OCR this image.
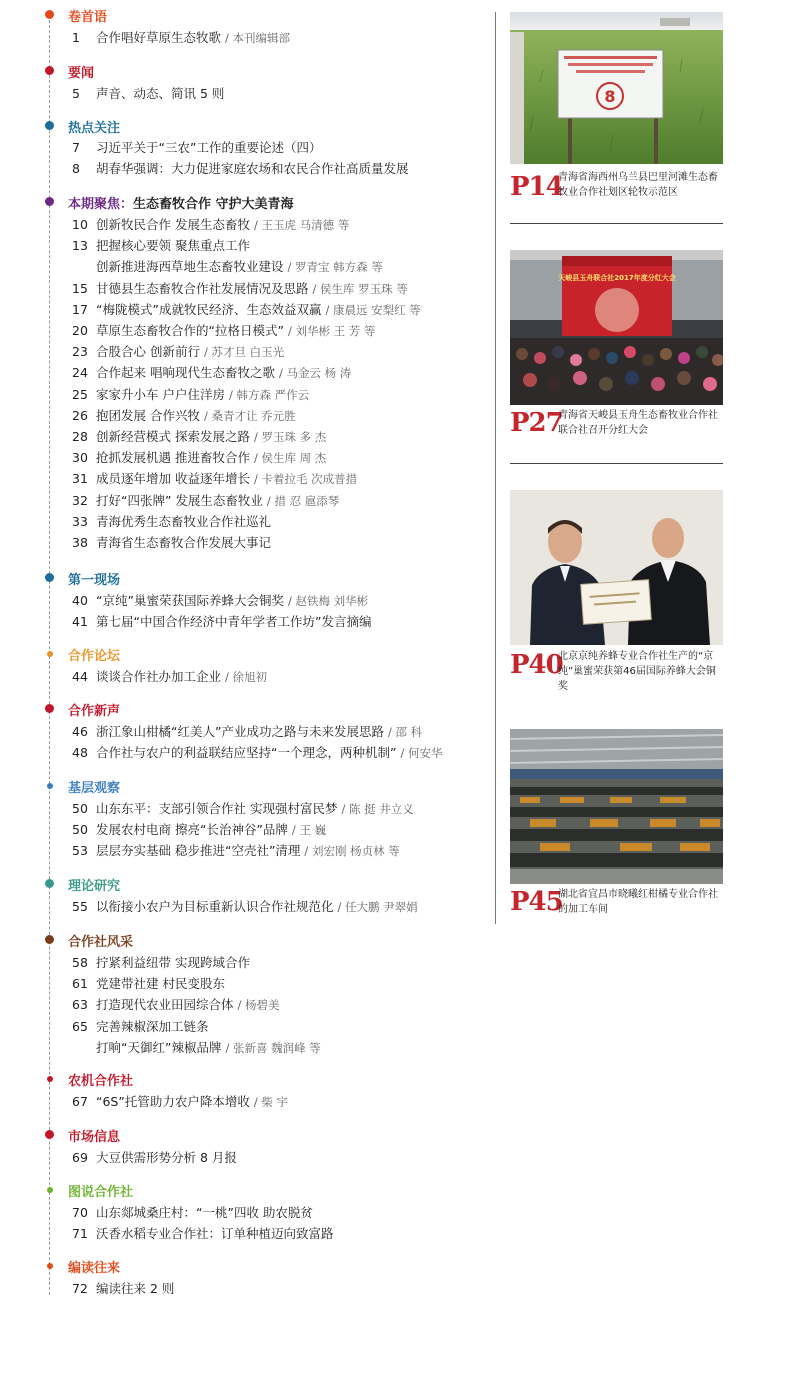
卷首语
1 合作唱好草原生态牧歌 / 本刊编辑部
要闻
5 声音、动态、简讯 5 则
热点关注
7 习近平关于“三农”工作的重要论述（四）
8 胡春华强调：大力促进家庭农场和农民合作社高质量发展
本期聚焦：生态畜牧合作 守护大美青海
10 创新牧民合作 发展生态畜牧 / 王玉虎 马清德 等
13 把握核心要领 聚焦重点工作
创新推进海西草地生态畜牧业建设 / 罗青宝 韩方森 等
15 甘德县生态畜牧合作社发展情况及思路 / 侯生库 罗玉珠 等
17 “梅陇模式”成就牧民经济、生态效益双赢 / 康晨远 安梨红 等
20 草原生态畜牧合作的“拉格日模式” / 刘华彬 王 芳 等
23 合股合心 创新前行 / 苏才旦 白玉光
24 合作起来 唱响现代生态畜牧之歌 / 马金云 杨 涛
25 家家升小车 户户住洋房 / 韩方森 严作云
26 抱团发展 合作兴牧 / 桑青才让 乔元胜
28 创新经营模式 探索发展之路 / 罗玉珠 多 杰
30 抢抓发展机遇 推进畜牧合作 / 侯生库 周 杰
31 成员逐年增加 收益逐年增长 / 卡着拉毛 次成普措
32 打好“四张牌” 发展生态畜牧业 / 措 忍 扈添琴
33 青海优秀生态畜牧业合作社巡礼
38 青海省生态畜牧合作发展大事记
第一现场
40 “京纯”巢蜜荣获国际养蜂大会铜奖 / 赵铁梅 刘华彬
41 第七届“中国合作经济中青年学者工作坊”发言摘编
合作论坛
44 谈谈合作社办加工企业 / 徐旭初
合作新声
46 浙江象山柑橘“红美人”产业成功之路与未来发展思路 / 邵 科
48 合作社与农户的利益联结应坚持“一个理念，两种机制” / 何安华
基层观察
50 山东东平：支部引领合作社 实现强村富民梦 / 陈 挺 井立义
50 发展农村电商 擦亮“长治神谷”品牌 / 王 巍
53 层层夯实基础 稳步推进“空壳社”清理 / 刘宏刚 杨贞林 等
理论研究
55 以衔接小农户为目标重新认识合作社规范化 / 任大鹏 尹翠娟
合作社风采
58 拧紧利益纽带 实现跨域合作
61 党建带社建 村民变股东
63 打造现代农业田园综合体 / 杨碧美
65 完善辣椒深加工链条
打响“天御红”辣椒品牌 / 张新喜 魏润峰 等
农机合作社
67 “6S”托管助力农户降本增收 / 柴 宇
市场信息
69 大豆供需形势分析 8 月报
图说合作社
70 山东郯城桑庄村：“一桃”四收 助农脱贫
71 沃香水稻专业合作社：订单种植迈向致富路
编读往来
72 编读往来 2 则
8
P14
青海省海西州乌兰县巴里河滩生态畜牧业合作社划区轮牧示范区
天峻县玉舟联合社2017年度分红大会
P27
青海省天峻县玉舟生态畜牧业合作社联合社召开分红大会
P40
北京京纯养蜂专业合作社生产的“京纯”巢蜜荣获第46届国际养蜂大会铜奖
P45
湖北省宜昌市晓曦红柑橘专业合作社的加工车间
